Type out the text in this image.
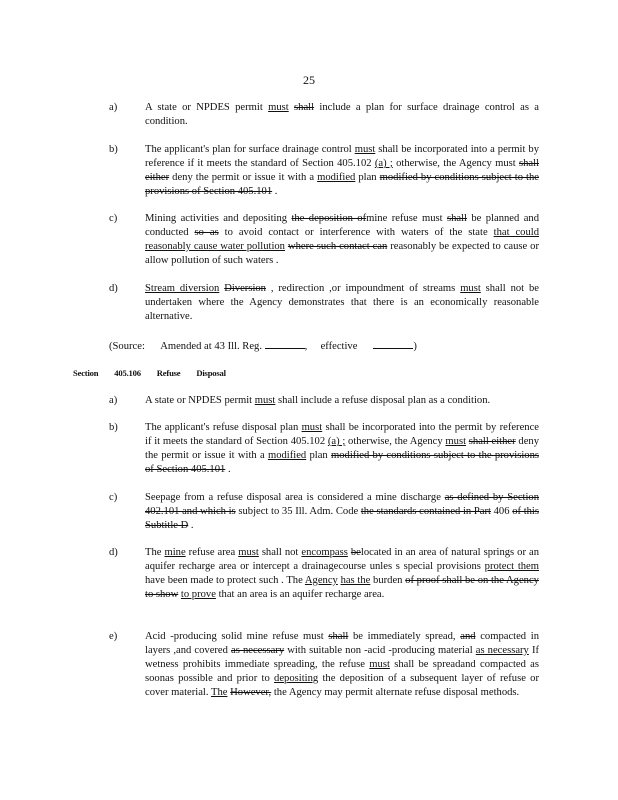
25
a)	A state or NPDES permit must shall include a plan for surface drainage control as a condition.
b)	The applicant's plan for surface drainage control must shall be incorporated into a permit by reference if it meets the standard of Section 405.102 (a) ; otherwise, the Agency must shall either deny the permit or issue it with a modified plan modified by conditions subject to the provisions of Section 405.101 .
c)	Mining activities and depositing the deposition ofmine refuse must shall be planned and conducted so as to avoid contact or interference with waters of the state that could reasonably cause water pollution where such contact can reasonably be expected to cause or allow pollution of such waters .
d)	Stream diversion Diversion , redirection ,or impoundment of streams must shall not be undertaken where the Agency demonstrates that there is an economically reasonable alternative.
(Source: Amended at 43 Ill. Reg.	, effective	)
Section 405.106 Refuse Disposal
a)	A state or NPDES permit must shall include a refuse disposal plan as a condition.
b)	The applicant's refuse disposal plan must shall be incorporated into the permit by reference if it meets the standard of Section 405.102 (a) ; otherwise, the Agency must shall either deny the permit or issue it with a modified plan modified by conditions subject to the provisions of Section 405.101 .
c)	Seepage from a refuse disposal area is considered a mine discharge as defined by Section 402.101 and which is subject to 35 Ill. Adm. Code the standards contained in Part 406 of this Subtitle D .
d)	The mine refuse area must shall not encompass belocated in an area of natural springs or an aquifer recharge area or intercept a drainagecourse unles s special provisions protect them have been made to protect such . The Agency has the burden of proof shall be on the Agency to show to prove that an area is an aquifer recharge area.
e)	Acid -producing solid mine refuse must shall be immediately spread, and compacted in layers ,and covered as necessary with suitable non -acid -producing material as necessary If wetness prohibits immediate spreading, the refuse must shall be spreadand compacted as soonas possible and prior to depositing the deposition of a subsequent layer of refuse or cover material. The However, the Agency may permit alternate refuse disposal methods.
